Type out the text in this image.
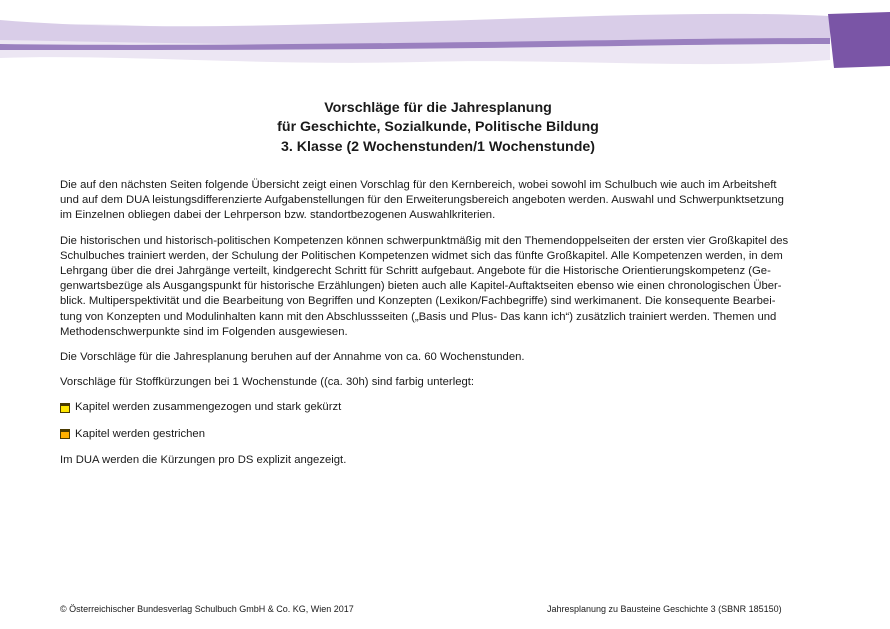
Vorschläge für die Jahresplanung
für Geschichte, Sozialkunde, Politische Bildung
3. Klasse (2 Wochenstunden/1 Wochenstunde)

Die auf den nächsten Seiten folgende Übersicht zeigt einen Vorschlag für den Kernbereich, wobei sowohl im Schulbuch wie auch im Arbeitsheft
und auf dem DUA leistungsdifferenzierte Aufgabenstellungen für den Erweiterungsbereich angeboten werden. Auswahl und Schwerpunktsetzung
im Einzelnen obliegen dabei der Lehrperson bzw. standortbezogenen Auswahlkriterien.

Die historischen und historisch-politischen Kompetenzen können schwerpunktmäßig mit den Themendoppelseiten der ersten vier Großkapitel des
Schulbuches trainiert werden, der Schulung der Politischen Kompetenzen widmet sich das fünfte Großkapitel. Alle Kompetenzen werden, in dem
Lehrgang über die drei Jahrgänge verteilt, kindgerecht Schritt für Schritt aufgebaut. Angebote für die Historische Orientierungskompetenz (Ge-
genwartsbezüge als Ausgangspunkt für historische Erzählungen) bieten auch alle Kapitel-Auftaktseiten ebenso wie einen chronologischen Über-
blick. Multiperspektivität und die Bearbeitung von Begriffen und Konzepten (Lexikon/Fachbegriffe) sind werkimanent. Die konsequente Bearbei-
tung von Konzepten und Modulinhalten kann mit den Abschlussseiten („Basis und Plus- Das kann ich“) zusätzlich trainiert werden. Themen und
Methodenschwerpunkte sind im Folgenden ausgewiesen.

Die Vorschläge für die Jahresplanung beruhen auf der Annahme von ca. 60 Wochenstunden.

Vorschläge für Stoffkürzungen bei 1 Wochenstunde ((ca. 30h) sind farbig unterlegt:

Kapitel werden zusammengezogen und stark gekürzt
Kapitel werden gestrichen

Im DUA werden die Kürzungen pro DS explizit angezeigt.

© Österreichischer Bundesverlag Schulbuch GmbH & Co. KG, Wien 2017	Jahresplanung zu Bausteine Geschichte 3 (SBNR 185150)
